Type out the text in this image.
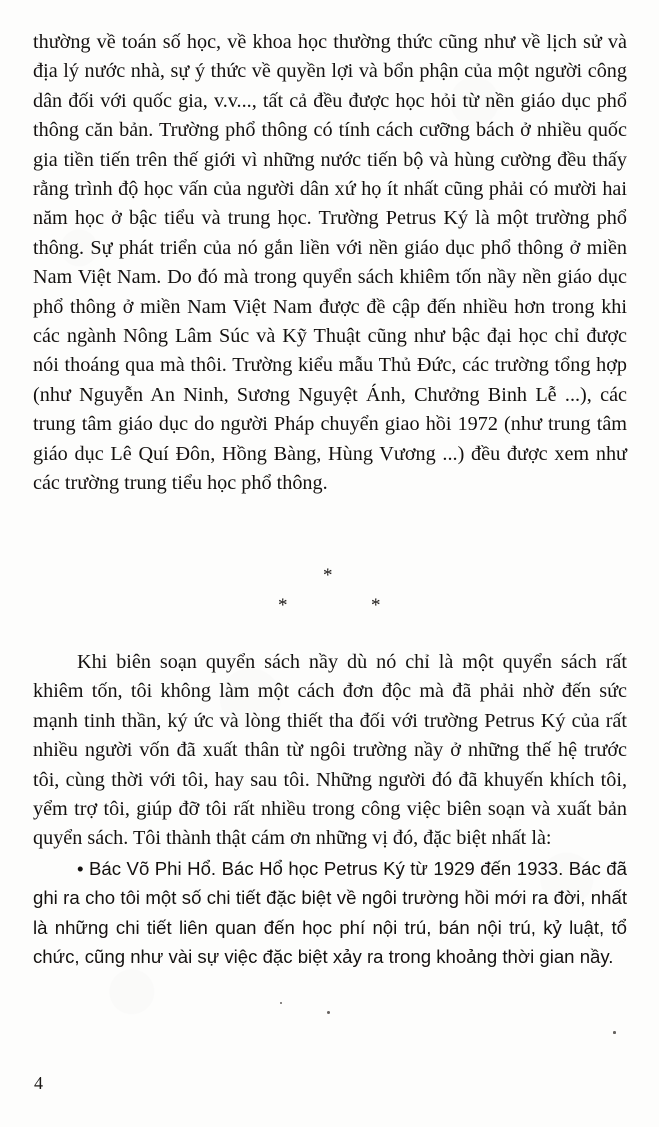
thường về toán số học, về khoa học thường thức cũng như về lịch sử và địa lý nước nhà, sự ý thức về quyền lợi và bổn phận của một người công dân đối với quốc gia, v.v..., tất cả đều được học hỏi từ nền giáo dục phổ thông căn bản. Trường phổ thông có tính cách cưỡng bách ở nhiều quốc gia tiền tiến trên thế giới vì những nước tiến bộ và hùng cường đều thấy rằng trình độ học vấn của người dân xứ họ ít nhất cũng phải có mười hai năm học ở bậc tiểu và trung học. Trường Petrus Ký là một trường phổ thông. Sự phát triển của nó gắn liền với nền giáo dục phổ thông ở miền Nam Việt Nam. Do đó mà trong quyển sách khiêm tốn nầy nền giáo dục phổ thông ở miền Nam Việt Nam được đề cập đến nhiều hơn trong khi các ngành Nông Lâm Súc và Kỹ Thuật cũng như bậc đại học chỉ được nói thoáng qua mà thôi. Trường kiểu mẫu Thủ Đức, các trường tổng hợp (như Nguyễn An Ninh, Sương Nguyệt Ánh, Chưởng Binh Lễ ...), các trung tâm giáo dục do người Pháp chuyển giao hồi 1972 (như trung tâm giáo dục Lê Quí Đôn, Hồng Bàng, Hùng Vương ...) đều được xem như các trường trung tiểu học phổ thông.

*
*	*

Khi biên soạn quyển sách nầy dù nó chỉ là một quyển sách rất khiêm tốn, tôi không làm một cách đơn độc mà đã phải nhờ đến sức mạnh tinh thần, ký ức và lòng thiết tha đối với trường Petrus Ký của rất nhiều người vốn đã xuất thân từ ngôi trường nầy ở những thế hệ trước tôi, cùng thời với tôi, hay sau tôi. Những người đó đã khuyến khích tôi, yểm trợ tôi, giúp đỡ tôi rất nhiều trong công việc biên soạn và xuất bản quyển sách. Tôi thành thật cám ơn những vị đó, đặc biệt nhất là:

• Bác Võ Phi Hổ. Bác Hổ học Petrus Ký từ 1929 đến 1933. Bác đã ghi ra cho tôi một số chi tiết đặc biệt về ngôi trường hồi mới ra đời, nhất là những chi tiết liên quan đến học phí nội trú, bán nội trú, kỷ luật, tổ chức, cũng như vài sự việc đặc biệt xảy ra trong khoảng thời gian nầy.

4
